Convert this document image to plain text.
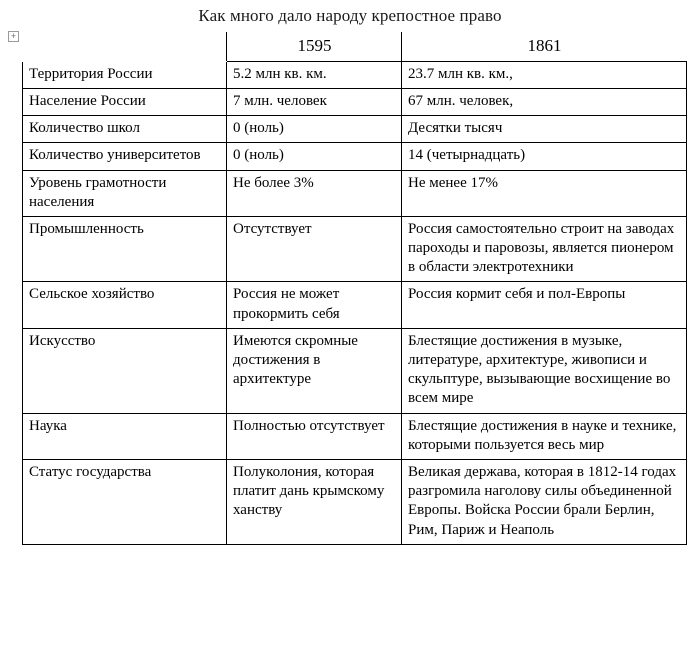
+
Как много дало народу крепостное право
	1595	1861
Территория России	5.2 млн кв. км.	23.7 млн кв. км.,
Население России	7 млн. человек	67 млн. человек,
Количество школ	0 (ноль)	Десятки тысяч
Количество университетов	0 (ноль)	14 (четырнадцать)
Уровень грамотности населения	Не более 3%	Не менее 17%
Промышленность	Отсутствует	Россия самостоятельно строит на заводах пароходы и паровозы, является пионером в области электротехники
Сельское хозяйство	Россия не может прокормить себя	Россия кормит себя и пол-Европы
Искусство	Имеются скромные достижения в архитектуре	Блестящие достижения в музыке, литературе, архитектуре, живописи и скульптуре, вызывающие восхищение во всем мире
Наука	Полностью отсутствует	Блестящие достижения в науке и технике, которыми пользуется весь мир
Статус государства	Полуколония, которая платит дань крымскому ханству	Великая держава, которая в 1812-14 годах разгромила наголову силы объединенной Европы. Войска России брали Берлин, Рим, Париж и Неаполь
